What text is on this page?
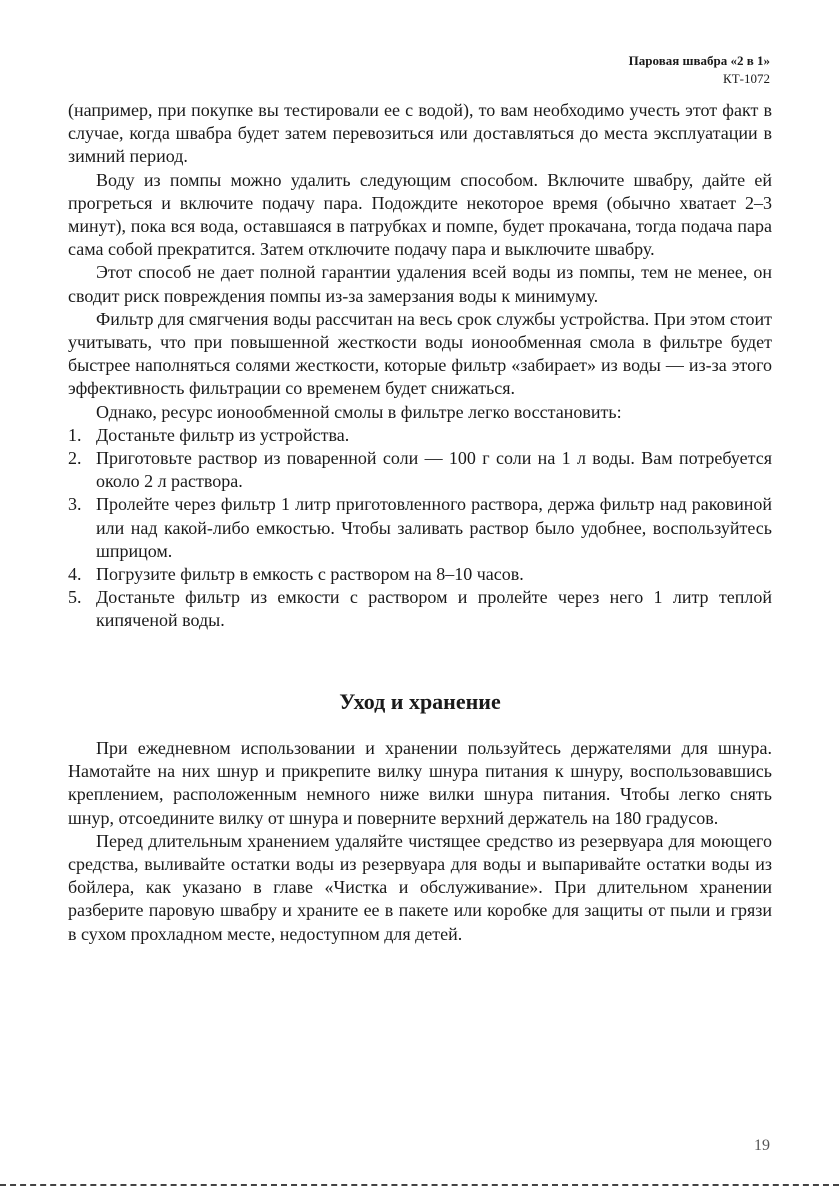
Паровая швабра «2 в 1»
КТ-1072

(например, при покупке вы тестировали ее с водой), то вам необходимо учесть этот факт в случае, когда швабра будет затем перевозиться или доставляться до места эксплуатации в зимний период.

Воду из помпы можно удалить следующим способом. Включите швабру, дайте ей прогреться и включите подачу пара. Подождите некоторое время (обычно хватает 2–3 минут), пока вся вода, оставшаяся в патрубках и помпе, будет прокачана, тогда подача пара сама собой прекратится. Затем отключите подачу пара и выключите швабру.

Этот способ не дает полной гарантии удаления всей воды из помпы, тем не менее, он сводит риск повреждения помпы из-за замерзания воды к минимуму.

Фильтр для смягчения воды рассчитан на весь срок службы устройства. При этом стоит учитывать, что при повышенной жесткости воды ионообменная смола в фильтре будет быстрее наполняться солями жесткости, которые фильтр «забирает» из воды — из-за этого эффективность фильтрации со временем будет снижаться.

Однако, ресурс ионообменной смолы в фильтре легко восстановить:

1. Достаньте фильтр из устройства.
2. Приготовьте раствор из поваренной соли — 100 г соли на 1 л воды. Вам потребуется около 2 л раствора.
3. Пролейте через фильтр 1 литр приготовленного раствора, держа фильтр над раковиной или над какой-либо емкостью. Чтобы заливать раствор было удобнее, воспользуйтесь шприцом.
4. Погрузите фильтр в емкость с раствором на 8–10 часов.
5. Достаньте фильтр из емкости с раствором и пролейте через него 1 литр теплой кипяченой воды.
Уход и хранение

При ежедневном использовании и хранении пользуйтесь держателями для шнура. Намотайте на них шнур и прикрепите вилку шнура питания к шнуру, воспользовавшись креплением, расположенным немного ниже вилки шнура питания. Чтобы легко снять шнур, отсоедините вилку от шнура и поверните верхний держатель на 180 градусов.

Перед длительным хранением удаляйте чистящее средство из резервуара для моющего средства, выливайте остатки воды из резервуара для воды и выпаривайте остатки воды из бойлера, как указано в главе «Чистка и обслуживание». При длительном хранении разберите паровую швабру и храните ее в пакете или коробке для защиты от пыли и грязи в сухом прохладном месте, недоступном для детей.

19
